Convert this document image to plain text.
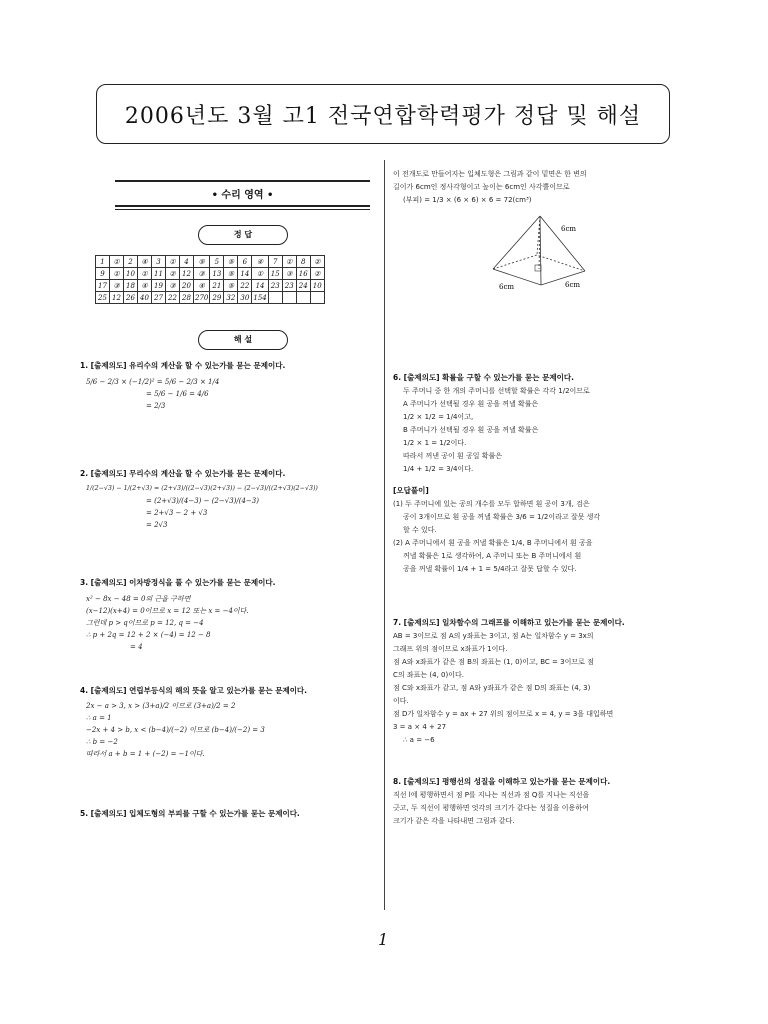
2006년도 3월 고1 전국연합학력평가 정답 및 해설
• 수리 영역 •
정 답
1	①	2	④	3	①	4	⑤	5	⑤	6	④	7	①	8	②
9	①	10	①	11	②	12	③	13	⑤	14	①	15	③	16	②
17	③	18	④	19	③	20	④	21	⑤	22	14	23	23	24	10
25	12	26	40	27	22	28	270	29	32	30	154				
해 설
1. [출제의도] 유리수의 계산을 할 수 있는가를 묻는 문제이다.
5/6 − 2/3 × (−1/2)² = 5/6 − 2/3 × 1/4
= 5/6 − 1/6 = 4/6
= 2/3
2. [출제의도] 무리수의 계산을 할 수 있는가를 묻는 문제이다.
1/(2−√3) − 1/(2+√3) = (2+√3)/((2−√3)(2+√3)) − (2−√3)/((2+√3)(2−√3))
= (2+√3)/(4−3) − (2−√3)/(4−3)
= 2+√3 − 2 + √3
= 2√3
3. [출제의도] 이차방정식을 풀 수 있는가를 묻는 문제이다.
x² − 8x − 48 = 0의 근을 구하면
(x−12)(x+4) = 0이므로 x = 12 또는 x = −4이다.
그런데 p > q이므로 p = 12, q = −4
∴ p + 2q = 12 + 2 × (−4) = 12 − 8
= 4
4. [출제의도] 연립부등식의 해의 뜻을 알고 있는가를 묻는 문제이다.
2x − a > 3, x > (3+a)/2 이므로 (3+a)/2 = 2
∴ a = 1
−2x + 4 > b, x < (b−4)/(−2) 이므로 (b−4)/(−2) = 3
∴ b = −2
따라서 a + b = 1 + (−2) = −1이다.
5. [출제의도] 입체도형의 부피를 구할 수 있는가를 묻는 문제이다.
이 전개도로 만들어지는 입체도형은 그림과 같이 밑면은 한 변의
길이가 6cm인 정사각형이고 높이는 6cm인 사각뿔이므로
(부피) = 1/3 × (6 × 6) × 6 = 72(cm³)
6cm
6cm	6cm
6. [출제의도] 확률을 구할 수 있는가를 묻는 문제이다.
두 주머니 중 한 개의 주머니를 선택할 확률은 각각 1/2이므로
A 주머니가 선택될 경우 흰 공을 꺼낼 확률은
1/2 × 1/2 = 1/4이고,
B 주머니가 선택될 경우 흰 공을 꺼낼 확률은
1/2 × 1 = 1/2이다.
따라서 꺼낸 공이 흰 공일 확률은
1/4 + 1/2 = 3/4이다.
[오답풀이]
(1) 두 주머니에 있는 공의 개수를 모두 합하면 흰 공이 3개, 검은
공이 3개이므로 흰 공을 꺼낼 확률은 3/6 = 1/2이라고 잘못 생각
할 수 있다.
(2) A 주머니에서 흰 공을 꺼낼 확률은 1/4, B 주머니에서 흰 공을
꺼낼 확률은 1로 생각하여, A 주머니 또는 B 주머니에서 흰
공을 꺼낼 확률이 1/4 + 1 = 5/4라고 잘못 답할 수 있다.
7. [출제의도] 일차함수의 그래프를 이해하고 있는가를 묻는 문제이다.
AB = 3이므로 점 A의 y좌표는 3이고, 점 A는 일차함수 y = 3x의
그래프 위의 점이므로 x좌표가 1이다.
점 A와 x좌표가 같은 점 B의 좌표는 (1, 0)이고, BC = 3이므로 점
C의 좌표는 (4, 0)이다.
점 C와 x좌표가 같고, 점 A와 y좌표가 같은 점 D의 좌표는 (4, 3)
이다.
점 D가 일차함수 y = ax + 27 위의 점이므로 x = 4, y = 3을 대입하면
3 = a × 4 + 27
∴ a = −6
8. [출제의도] 평행선의 성질을 이해하고 있는가를 묻는 문제이다.
직선 l에 평행하면서 점 P를 지나는 직선과 점 Q를 지나는 직선을
긋고, 두 직선이 평행하면 엇각의 크기가 같다는 성질을 이용하여
크기가 같은 각을 나타내면 그림과 같다.
1
